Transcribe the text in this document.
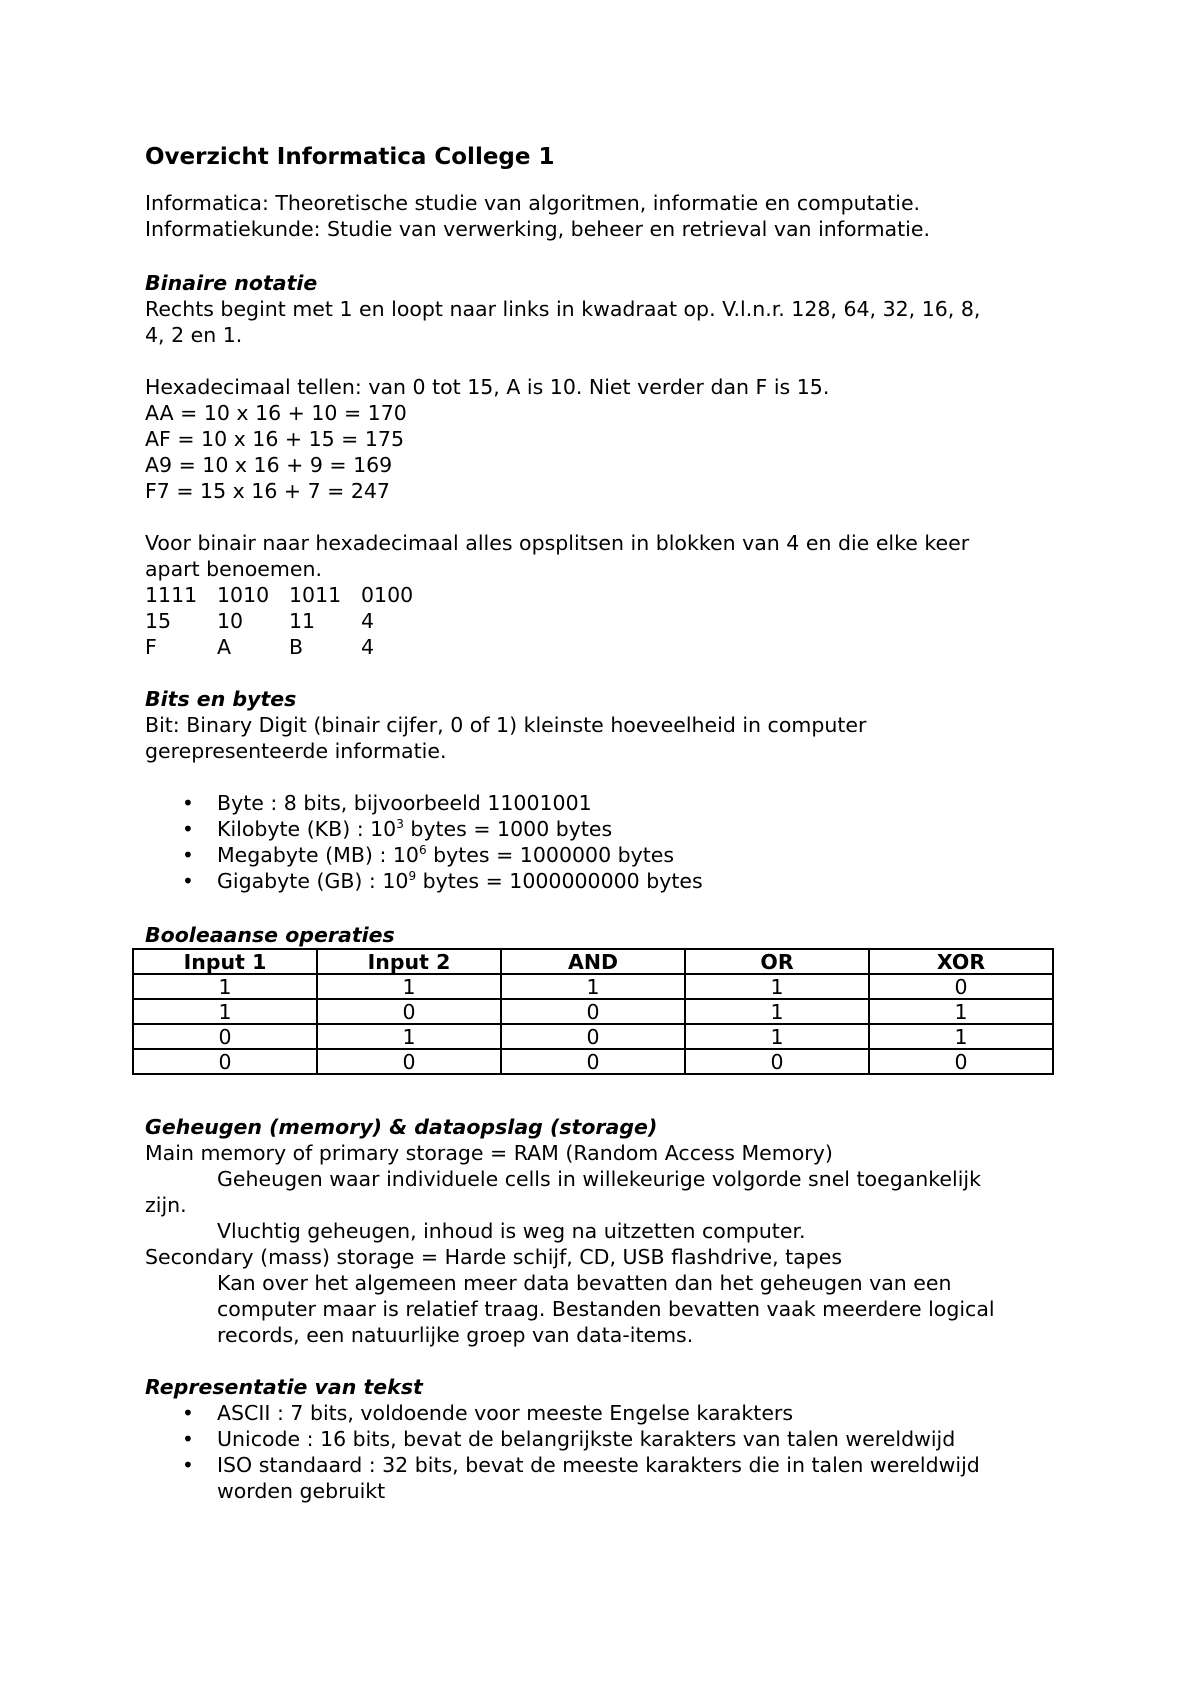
Overzicht Informatica College 1
Informatica: Theoretische studie van algoritmen, informatie en computatie.
Informatiekunde: Studie van verwerking, beheer en retrieval van informatie.
Binaire notatie
Rechts begint met 1 en loopt naar links in kwadraat op. V.l.n.r. 128, 64, 32, 16, 8,
4, 2 en 1.
Hexadecimaal tellen: van 0 tot 15, A is 10. Niet verder dan F is 15.
AA = 10 x 16 + 10 = 170
AF = 10 x 16 + 15 = 175
A9 = 10 x 16 + 9 = 169
F7 = 15 x 16 + 7 = 247
Voor binair naar hexadecimaal alles opsplitsen in blokken van 4 en die elke keer
apart benoemen.
1111 1010 1011 0100
15 10 11 4
F	A	B	4
Bits en bytes
Bit: Binary Digit (binair cijfer, 0 of 1) kleinste hoeveelheid in computer
gerepresenteerde informatie.
• Byte : 8 bits, bijvoorbeeld 11001001
• Kilobyte (KB) : $10^3$ bytes = 1000 bytes
• Megabyte (MB) : $10^6$ bytes = 1000000 bytes
• Gigabyte (GB) : $10^9$ bytes = 1000000000 bytes
Booleaanse operaties
Input 1	Input 2	AND	OR	XOR
1	1	1	1	0
1	0	0	1	1
0	1	0	1	1
0	0	0	0	0
Geheugen (memory) & dataopslag (storage)
Main memory of primary storage = RAM (Random Access Memory)
Geheugen waar individuele cells in willekeurige volgorde snel toegankelijk
zijn.
Vluchtig geheugen, inhoud is weg na uitzetten computer.
Secondary (mass) storage = Harde schijf, CD, USB flashdrive, tapes
Kan over het algemeen meer data bevatten dan het geheugen van een
computer maar is relatief traag. Bestanden bevatten vaak meerdere logical
records, een natuurlijke groep van data-items.
Representatie van tekst
• ASCII : 7 bits, voldoende voor meeste Engelse karakters
• Unicode : 16 bits, bevat de belangrijkste karakters van talen wereldwijd
• ISO standaard : 32 bits, bevat de meeste karakters die in talen wereldwijd
worden gebruikt
